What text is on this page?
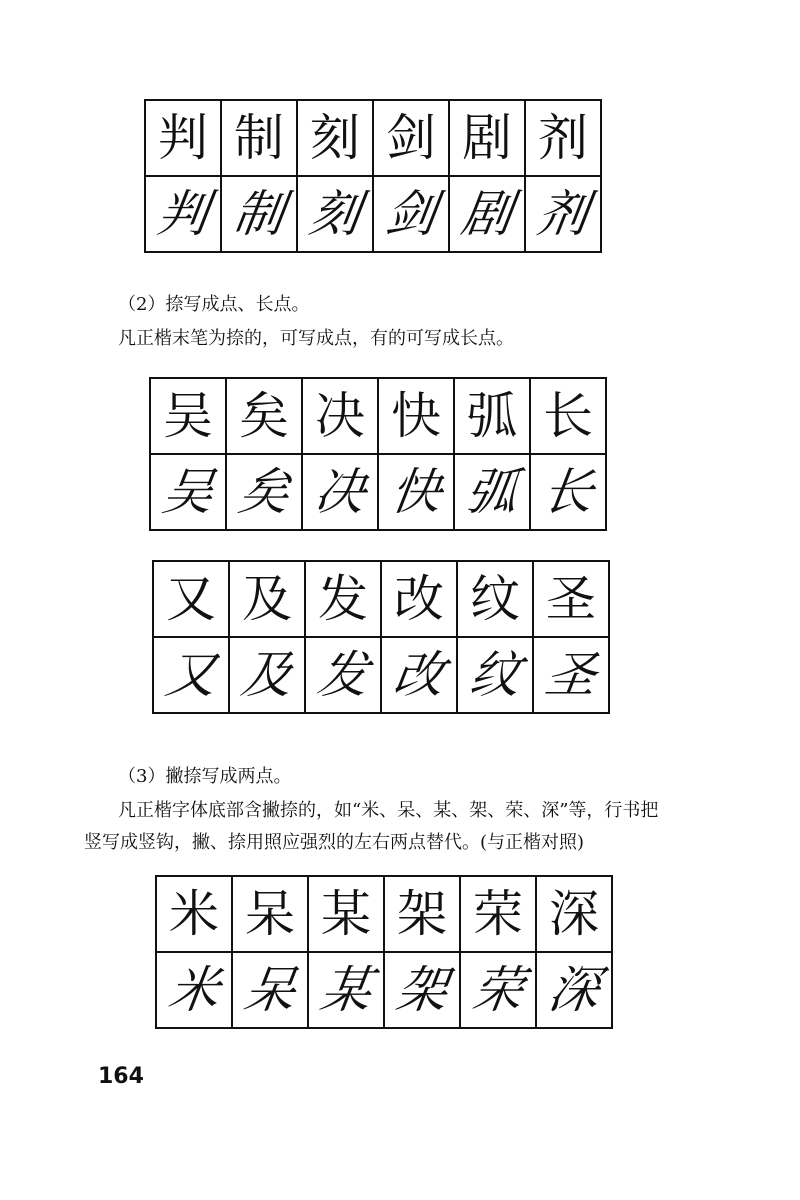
判	制	刻	剑	剧	剂
判	制	刻	剑	剧	剂
（2）捺写成点、长点。
凡正楷末笔为捺的，可写成点，有的可写成长点。
吴	矣	决	快	弧	长
吴	矣	决	快	弧	长
又	及	发	改	纹	圣
又	及	发	改	纹	圣
（3）撇捺写成两点。
凡正楷字体底部含撇捺的，如“米、呆、某、架、荣、深”等，行书把
竖写成竖钩，撇、捺用照应强烈的左右两点替代。(与正楷对照)
米	呆	某	架	荣	深
米	呆	某	架	荣	深
164
